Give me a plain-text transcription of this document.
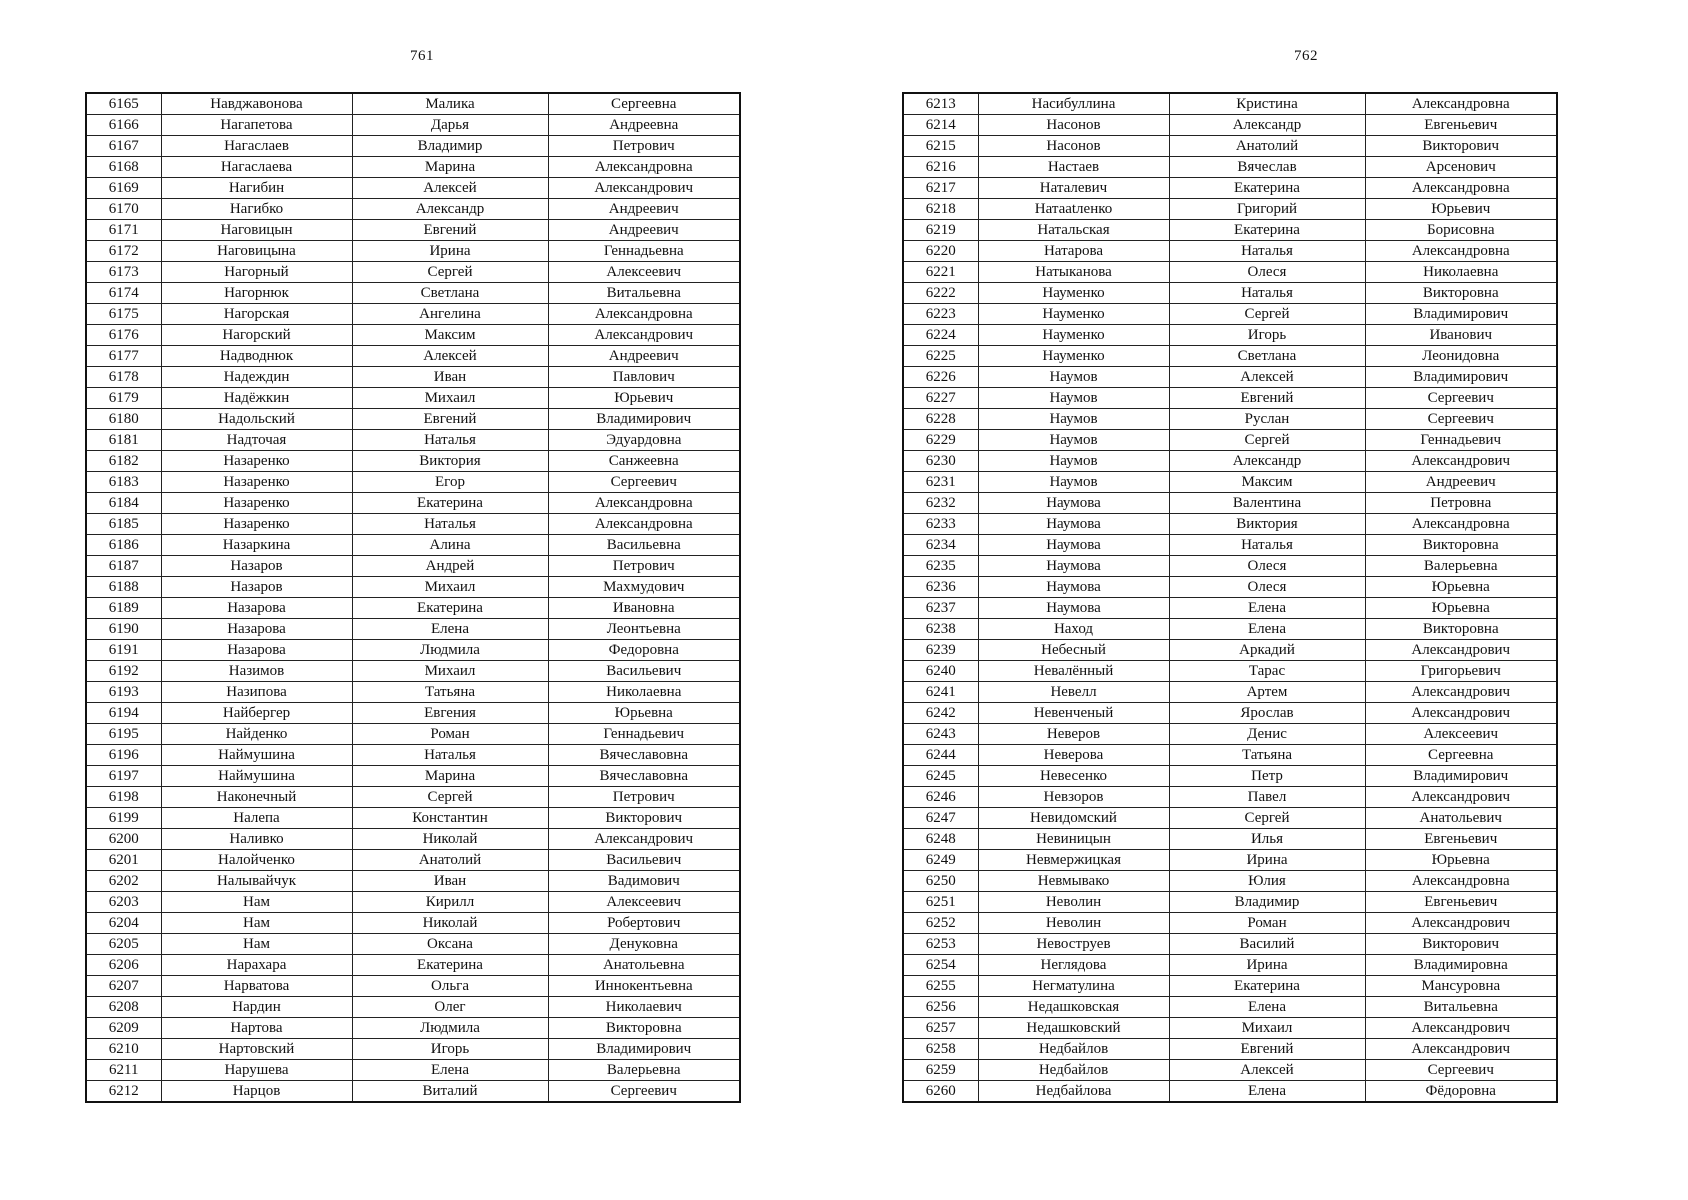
761
6165	Навджавонова	Малика	Сергеевна
6166	Нагапетова	Дарья	Андреевна
6167	Нагаслаев	Владимир	Петрович
6168	Нагаслаева	Марина	Александровна
6169	Нагибин	Алексей	Александрович
6170	Нагибко	Александр	Андреевич
6171	Наговицын	Евгений	Андреевич
6172	Наговицына	Ирина	Геннадьевна
6173	Нагорный	Сергей	Алексеевич
6174	Нагорнюк	Светлана	Витальевна
6175	Нагорская	Ангелина	Александровна
6176	Нагорский	Максим	Александрович
6177	Надводнюк	Алексей	Андреевич
6178	Надеждин	Иван	Павлович
6179	Надёжкин	Михаил	Юрьевич
6180	Надольский	Евгений	Владимирович
6181	Надточая	Наталья	Эдуардовна
6182	Назаренко	Виктория	Санжеевна
6183	Назаренко	Егор	Сергеевич
6184	Назаренко	Екатерина	Александровна
6185	Назаренко	Наталья	Александровна
6186	Назаркина	Алина	Васильевна
6187	Назаров	Андрей	Петрович
6188	Назаров	Михаил	Махмудович
6189	Назарова	Екатерина	Ивановна
6190	Назарова	Елена	Леонтьевна
6191	Назарова	Людмила	Федоровна
6192	Назимов	Михаил	Васильевич
6193	Назипова	Татьяна	Николаевна
6194	Найбергер	Евгения	Юрьевна
6195	Найденко	Роман	Геннадьевич
6196	Наймушина	Наталья	Вячеславовна
6197	Наймушина	Марина	Вячеславовна
6198	Наконечный	Сергей	Петрович
6199	Налепа	Константин	Викторович
6200	Наливко	Николай	Александрович
6201	Налойченко	Анатолий	Васильевич
6202	Налывайчук	Иван	Вадимович
6203	Нам	Кирилл	Алексеевич
6204	Нам	Николай	Робертович
6205	Нам	Оксана	Денуковна
6206	Нарахара	Екатерина	Анатольевна
6207	Нарватова	Ольга	Иннокентьевна
6208	Нардин	Олег	Николаевич
6209	Нартова	Людмила	Викторовна
6210	Нартовский	Игорь	Владимирович
6211	Нарушева	Елена	Валерьевна
6212	Нарцов	Виталий	Сергеевич
762
6213	Насибуллина	Кристина	Александровна
6214	Насонов	Александр	Евгеньевич
6215	Насонов	Анатолий	Викторович
6216	Настаев	Вячеслав	Арсенович
6217	Наталевич	Екатерина	Александровна
6218	Натаatленко	Григорий	Юрьевич
6219	Натальская	Екатерина	Борисовна
6220	Натарова	Наталья	Александровна
6221	Натыканова	Олеся	Николаевна
6222	Науменко	Наталья	Викторовна
6223	Науменко	Сергей	Владимирович
6224	Науменко	Игорь	Иванович
6225	Науменко	Светлана	Леонидовна
6226	Наумов	Алексей	Владимирович
6227	Наумов	Евгений	Сергеевич
6228	Наумов	Руслан	Сергеевич
6229	Наумов	Сергей	Геннадьевич
6230	Наумов	Александр	Александрович
6231	Наумов	Максим	Андреевич
6232	Наумова	Валентина	Петровна
6233	Наумова	Виктория	Александровна
6234	Наумова	Наталья	Викторовна
6235	Наумова	Олеся	Валерьевна
6236	Наумова	Олеся	Юрьевна
6237	Наумова	Елена	Юрьевна
6238	Наход	Елена	Викторовна
6239	Небесный	Аркадий	Александрович
6240	Невалённый	Тарас	Григорьевич
6241	Невелл	Артем	Александрович
6242	Невенченый	Ярослав	Александрович
6243	Неверов	Денис	Алексеевич
6244	Неверова	Татьяна	Сергеевна
6245	Невесенко	Петр	Владимирович
6246	Невзоров	Павел	Александрович
6247	Невидомский	Сергей	Анатольевич
6248	Невиницын	Илья	Евгеньевич
6249	Невмержицкая	Ирина	Юрьевна
6250	Невмывако	Юлия	Александровна
6251	Неволин	Владимир	Евгеньевич
6252	Неволин	Роман	Александрович
6253	Невоструев	Василий	Викторович
6254	Неглядова	Ирина	Владимировна
6255	Негматулина	Екатерина	Мансуровна
6256	Недашковская	Елена	Витальевна
6257	Недашковский	Михаил	Александрович
6258	Недбайлов	Евгений	Александрович
6259	Недбайлов	Алексей	Сергеевич
6260	Недбайлова	Елена	Фёдоровна
